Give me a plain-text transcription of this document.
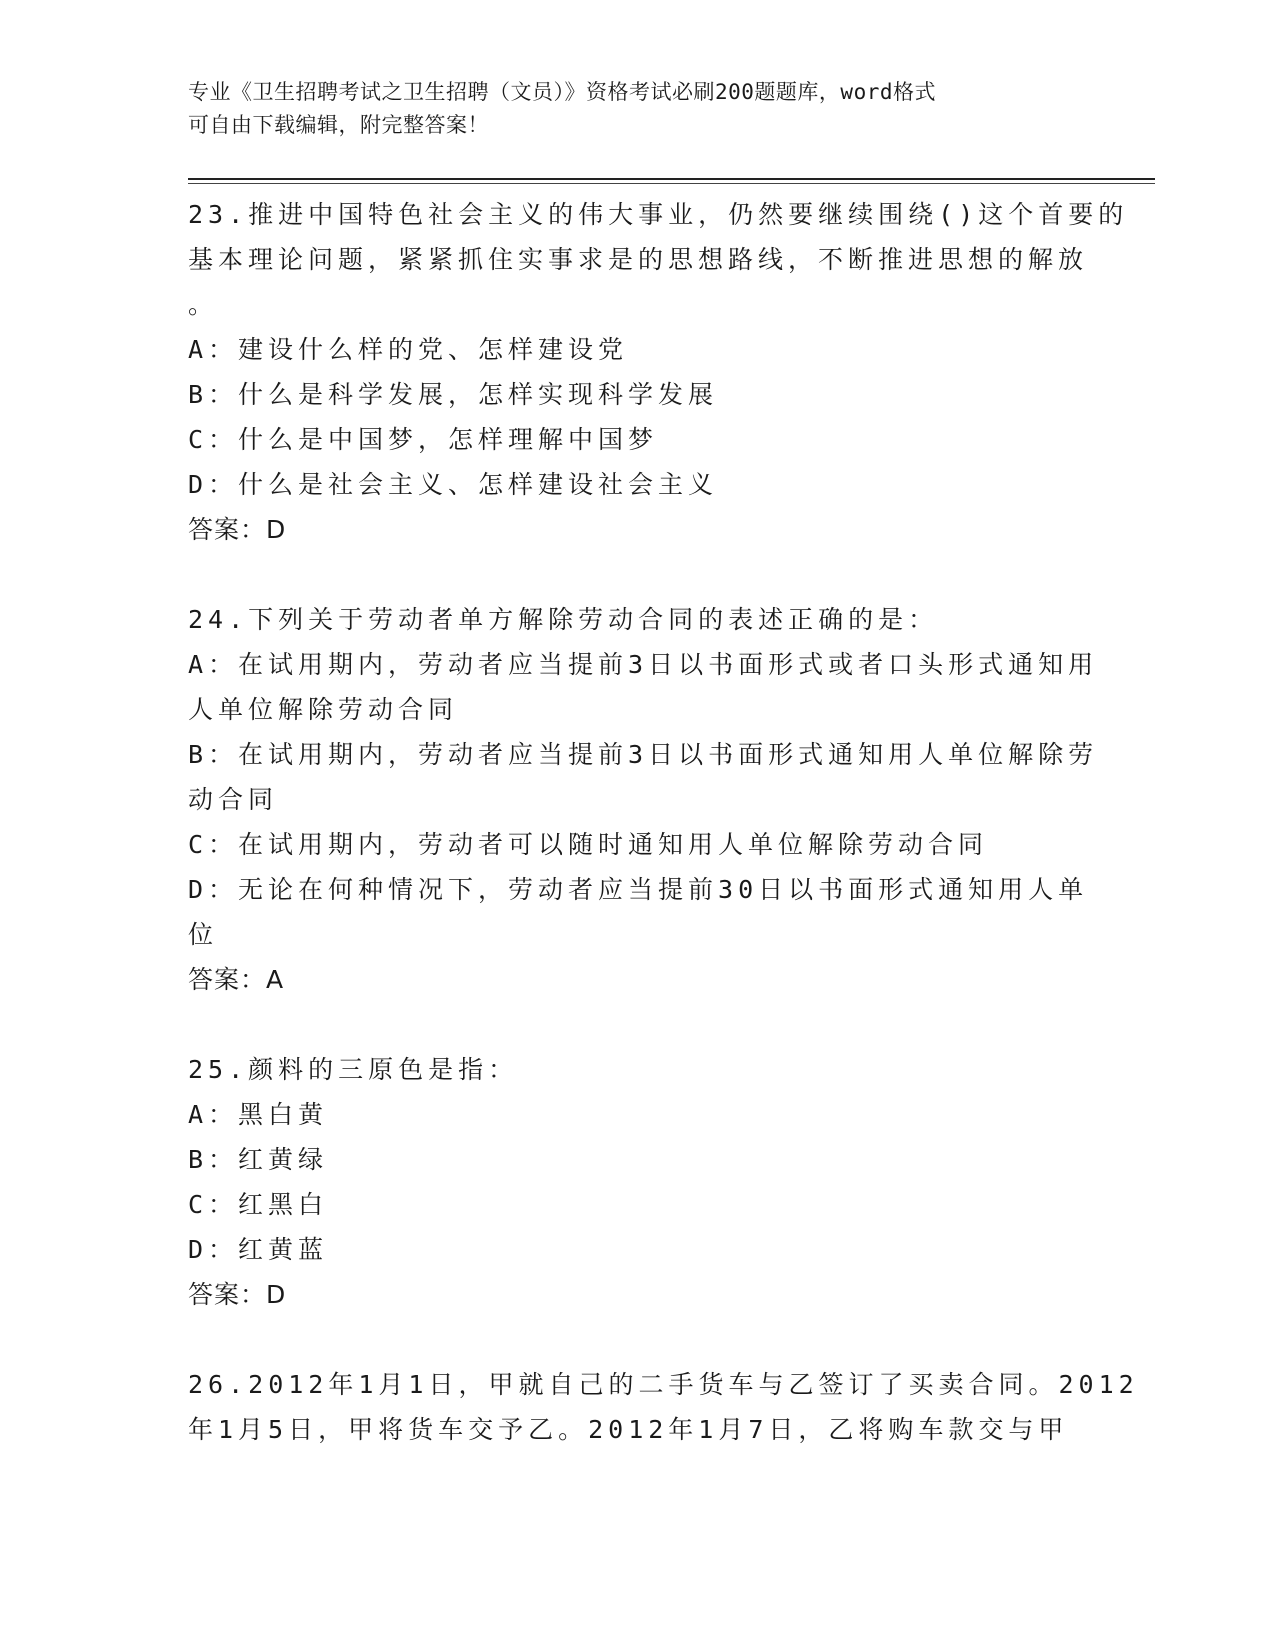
专业《卫生招聘考试之卫生招聘（文员）》资格考试必刷200题题库，word格式
可自由下载编辑，附完整答案！
23.推进中国特色社会主义的伟大事业，仍然要继续围绕()这个首要的
基本理论问题，紧紧抓住实事求是的思想路线，不断推进思想的解放
。
A：建设什么样的党、怎样建设党
B：什么是科学发展，怎样实现科学发展
C：什么是中国梦，怎样理解中国梦
D：什么是社会主义、怎样建设社会主义
答案：D
24.下列关于劳动者单方解除劳动合同的表述正确的是：
A：在试用期内，劳动者应当提前3日以书面形式或者口头形式通知用
人单位解除劳动合同
B：在试用期内，劳动者应当提前3日以书面形式通知用人单位解除劳
动合同
C：在试用期内，劳动者可以随时通知用人单位解除劳动合同
D：无论在何种情况下，劳动者应当提前30日以书面形式通知用人单
位
答案：A
25.颜料的三原色是指：
A：黑白黄
B：红黄绿
C：红黑白
D：红黄蓝
答案：D
26.2012年1月1日，甲就自己的二手货车与乙签订了买卖合同。2012
年1月5日，甲将货车交予乙。2012年1月7日，乙将购车款交与甲
